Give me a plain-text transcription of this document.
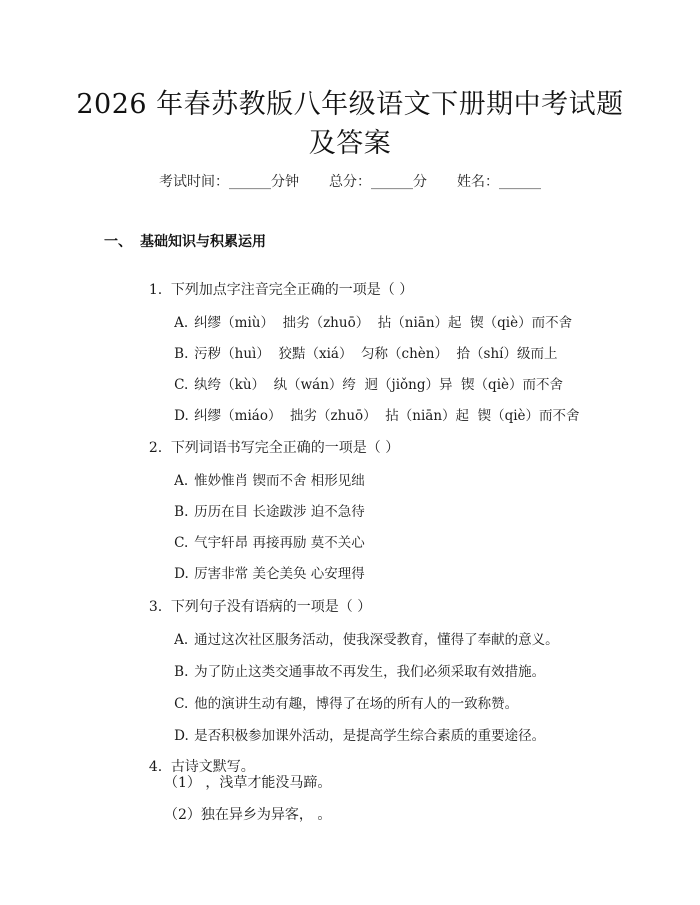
2026 年春苏教版八年级语文下册期中考试题
及答案
考试时间：______分钟 总分：______分 姓名：______
一、 基础知识与积累运用

1. 下列加点字注音完全正确的一项是（ ）

A. 纠缪（miù）  拙劣（zhuō）  拈（niān）起  锲（qiè）而不舍

B. 污秽（huì）  狡黠（xiá）  匀称（chèn）  拾（shí）级而上

C. 纨绔（kù）  纨（wán）绔  迥（jiǒng）异  锲（qiè）而不舍

D. 纠缪（miáo）  拙劣（zhuō）  拈（niān）起  锲（qiè）而不舍

2. 下列词语书写完全正确的一项是（ ）

A. 惟妙惟肖 锲而不舍 相形见绌

B. 历历在目 长途跋涉 迫不急待

C. 气宇轩昂 再接再励 莫不关心

D. 厉害非常 美仑美奂 心安理得

3. 下列句子没有语病的一项是（ ）

A. 通过这次社区服务活动，使我深受教育，懂得了奉献的意义。

B. 为了防止这类交通事故不再发生，我们必须采取有效措施。

C. 他的演讲生动有趣，博得了在场的所有人的一致称赞。

D. 是否积极参加课外活动，是提高学生综合素质的重要途径。

4. 古诗文默写。

（1） ，浅草才能没马蹄。
（2）独在异乡为异客， 。
